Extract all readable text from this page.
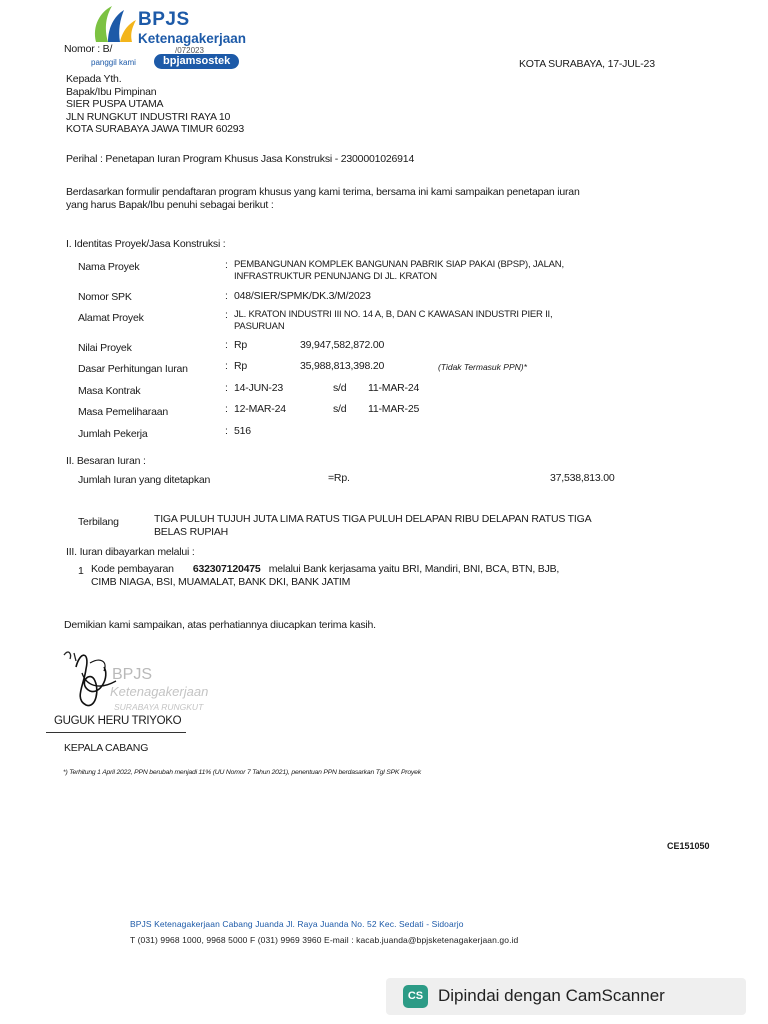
BPJS
Ketenagakerjaan
panggil kami	bpjamsostek
Nomor : B/	/072023
KOTA SURABAYA, 17-JUL-23
Kepada Yth.
Bapak/Ibu Pimpinan
SIER PUSPA UTAMA
JLN RUNGKUT INDUSTRI RAYA 10
KOTA SURABAYA JAWA TIMUR 60293
Perihal : Penetapan Iuran Program Khusus Jasa Konstruksi - 2300001026914
Berdasarkan formulir pendaftaran program khusus yang kami terima, bersama ini kami sampaikan penetapan iuran
yang harus Bapak/Ibu penuhi sebagai berikut :
I. Identitas Proyek/Jasa Konstruksi :
Nama Proyek	: PEMBANGUNAN KOMPLEK BANGUNAN PABRIK SIAP PAKAI (BPSP), JALAN,
INFRASTRUKTUR PENUNJANG DI JL. KRATON
Nomor SPK	: 048/SIER/SPMK/DK.3/M/2023
Alamat Proyek	: JL. KRATON INDUSTRI III NO. 14 A, B, DAN C KAWASAN INDUSTRI PIER II,
PASURUAN
Nilai Proyek	: Rp	39,947,582,872.00
Dasar Perhitungan Iuran	: Rp	35,988,813,398.20	(Tidak Termasuk PPN)*
Masa Kontrak	: 14-JUN-23	s/d 11-MAR-24
Masa Pemeliharaan	: 12-MAR-24	s/d 11-MAR-25
Jumlah Pekerja	: 516
II. Besaran Iuran :
Jumlah Iuran yang ditetapkan	=Rp.	37,538,813.00
Terbilang	TIGA PULUH TUJUH JUTA LIMA RATUS TIGA PULUH DELAPAN RIBU DELAPAN RATUS TIGA
BELAS RUPIAH
III. Iuran dibayarkan melalui :
1 Kode pembayaran 632307120475 melalui Bank kerjasama yaitu BRI, Mandiri, BNI, BCA, BTN, BJB,
CIMB NIAGA, BSI, MUAMALAT, BANK DKI, BANK JATIM
Demikian kami sampaikan, atas perhatiannya diucapkan terima kasih.
BPJS
Ketenagakerjaan
SURABAYA RUNGKUT
GUGUK HERU TRIYOKO
KEPALA CABANG
*) Terhitung 1 April 2022, PPN berubah menjadi 11% (UU Nomor 7 Tahun 2021), penentuan PPN berdasarkan Tgl SPK Proyek
CE151050
BPJS Ketenagakerjaan Cabang Juanda Jl. Raya Juanda No. 52 Kec. Sedati - Sidoarjo
T (031) 9968 1000, 9968 5000 F (031) 9969 3960 E-mail : kacab.juanda@bpjsketenagakerjaan.go.id
CS Dipindai dengan CamScanner
